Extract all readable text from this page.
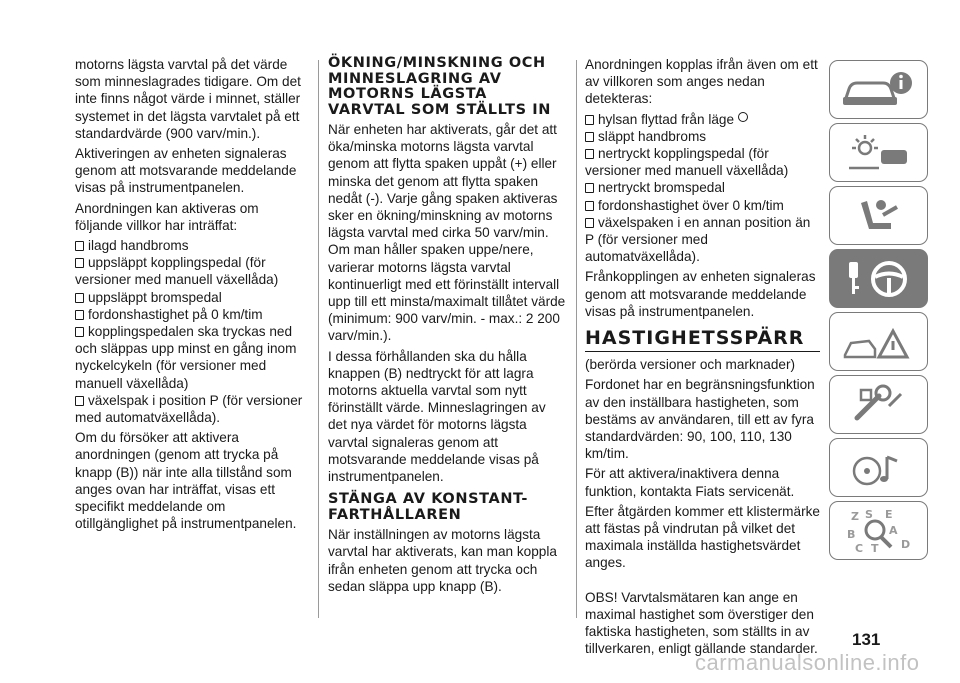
motorns lägsta varvtal på det värde som minneslagrades tidigare. Om det inte finns något värde i minnet, ställer systemet in det lägsta varvtalet på ett standardvärde (900 varv/min.).

Aktiveringen av enheten signaleras genom att motsvarande meddelande visas på instrumentpanelen.

Anordningen kan aktiveras om följande villkor har inträffat:

ilagd handbroms
uppsläppt kopplingspedal (för versioner med manuell växellåda)
uppsläppt bromspedal
fordonshastighet på 0 km/tim
kopplingspedalen ska tryckas ned och släppas upp minst en gång inom nyckelcykeln (för versioner med manuell växellåda)
växelspak i position P (för versioner med automatväxellåda).

Om du försöker att aktivera anordningen (genom att trycka på knapp (B)) när inte alla tillstånd som anges ovan har inträffat, visas ett specifikt meddelande om otillgänglighet på instrumentpanelen.

ÖKNING/MINSKNING OCH MINNESLAGRING AV MOTORNS LÄGSTA VARVTAL SOM STÄLLTS IN

När enheten har aktiverats, går det att öka/minska motorns lägsta varvtal genom att flytta spaken uppåt (+) eller minska det genom att flytta spaken nedåt (-). Varje gång spaken aktiveras sker en ökning/minskning av motorns lägsta varvtal med cirka 50 varv/min. Om man håller spaken uppe/nere, varierar motorns lägsta varvtal kontinuerligt med ett förinställt intervall upp till ett minsta/maximalt tillåtet värde (minimum: 900 varv/min. - max.: 2 200 varv/min.).

I dessa förhållanden ska du hålla knappen (B) nedtryckt för att lagra motorns aktuella varvtal som nytt förinställt värde. Minneslagringen av det nya värdet för motorns lägsta varvtal signaleras genom att motsvarande meddelande visas på instrumentpanelen.

STÄNGA AV KONSTANT-FARTHÅLLAREN

När inställningen av motorns lägsta varvtal har aktiverats, kan man koppla ifrån enheten genom att trycka och sedan släppa upp knapp (B).

Anordningen kopplas ifrån även om ett av villkoren som anges nedan detekteras:

hylsan flyttad från läge
släppt handbroms
nertryckt kopplingspedal (för versioner med manuell växellåda)
nertryckt bromspedal
fordonshastighet över 0 km/tim
växelspaken i en annan position än P (för versioner med automatväxellåda).

Frånkopplingen av enheten signaleras genom att motsvarande meddelande visas på instrumentpanelen.

HASTIGHETSSPÄRR

(berörda versioner och marknader)

Fordonet har en begränsningsfunktion av den inställbara hastigheten, som bestäms av användaren, till ett av fyra standardvärden: 90, 100, 110, 130 km/tim.

För att aktivera/inaktivera denna funktion, kontakta Fiats servicenät.

Efter åtgärden kommer ett klistermärke att fästas på vindrutan på vilket det maximala inställda hastighetsvärdet anges.

OBS! Varvtalsmätaren kan ange en maximal hastighet som överstiger den faktiska hastigheten, som ställts in av tillverkaren, enligt gällande standarder.

Z E
S
A
B
C T D
131
carmanualsonline.info
